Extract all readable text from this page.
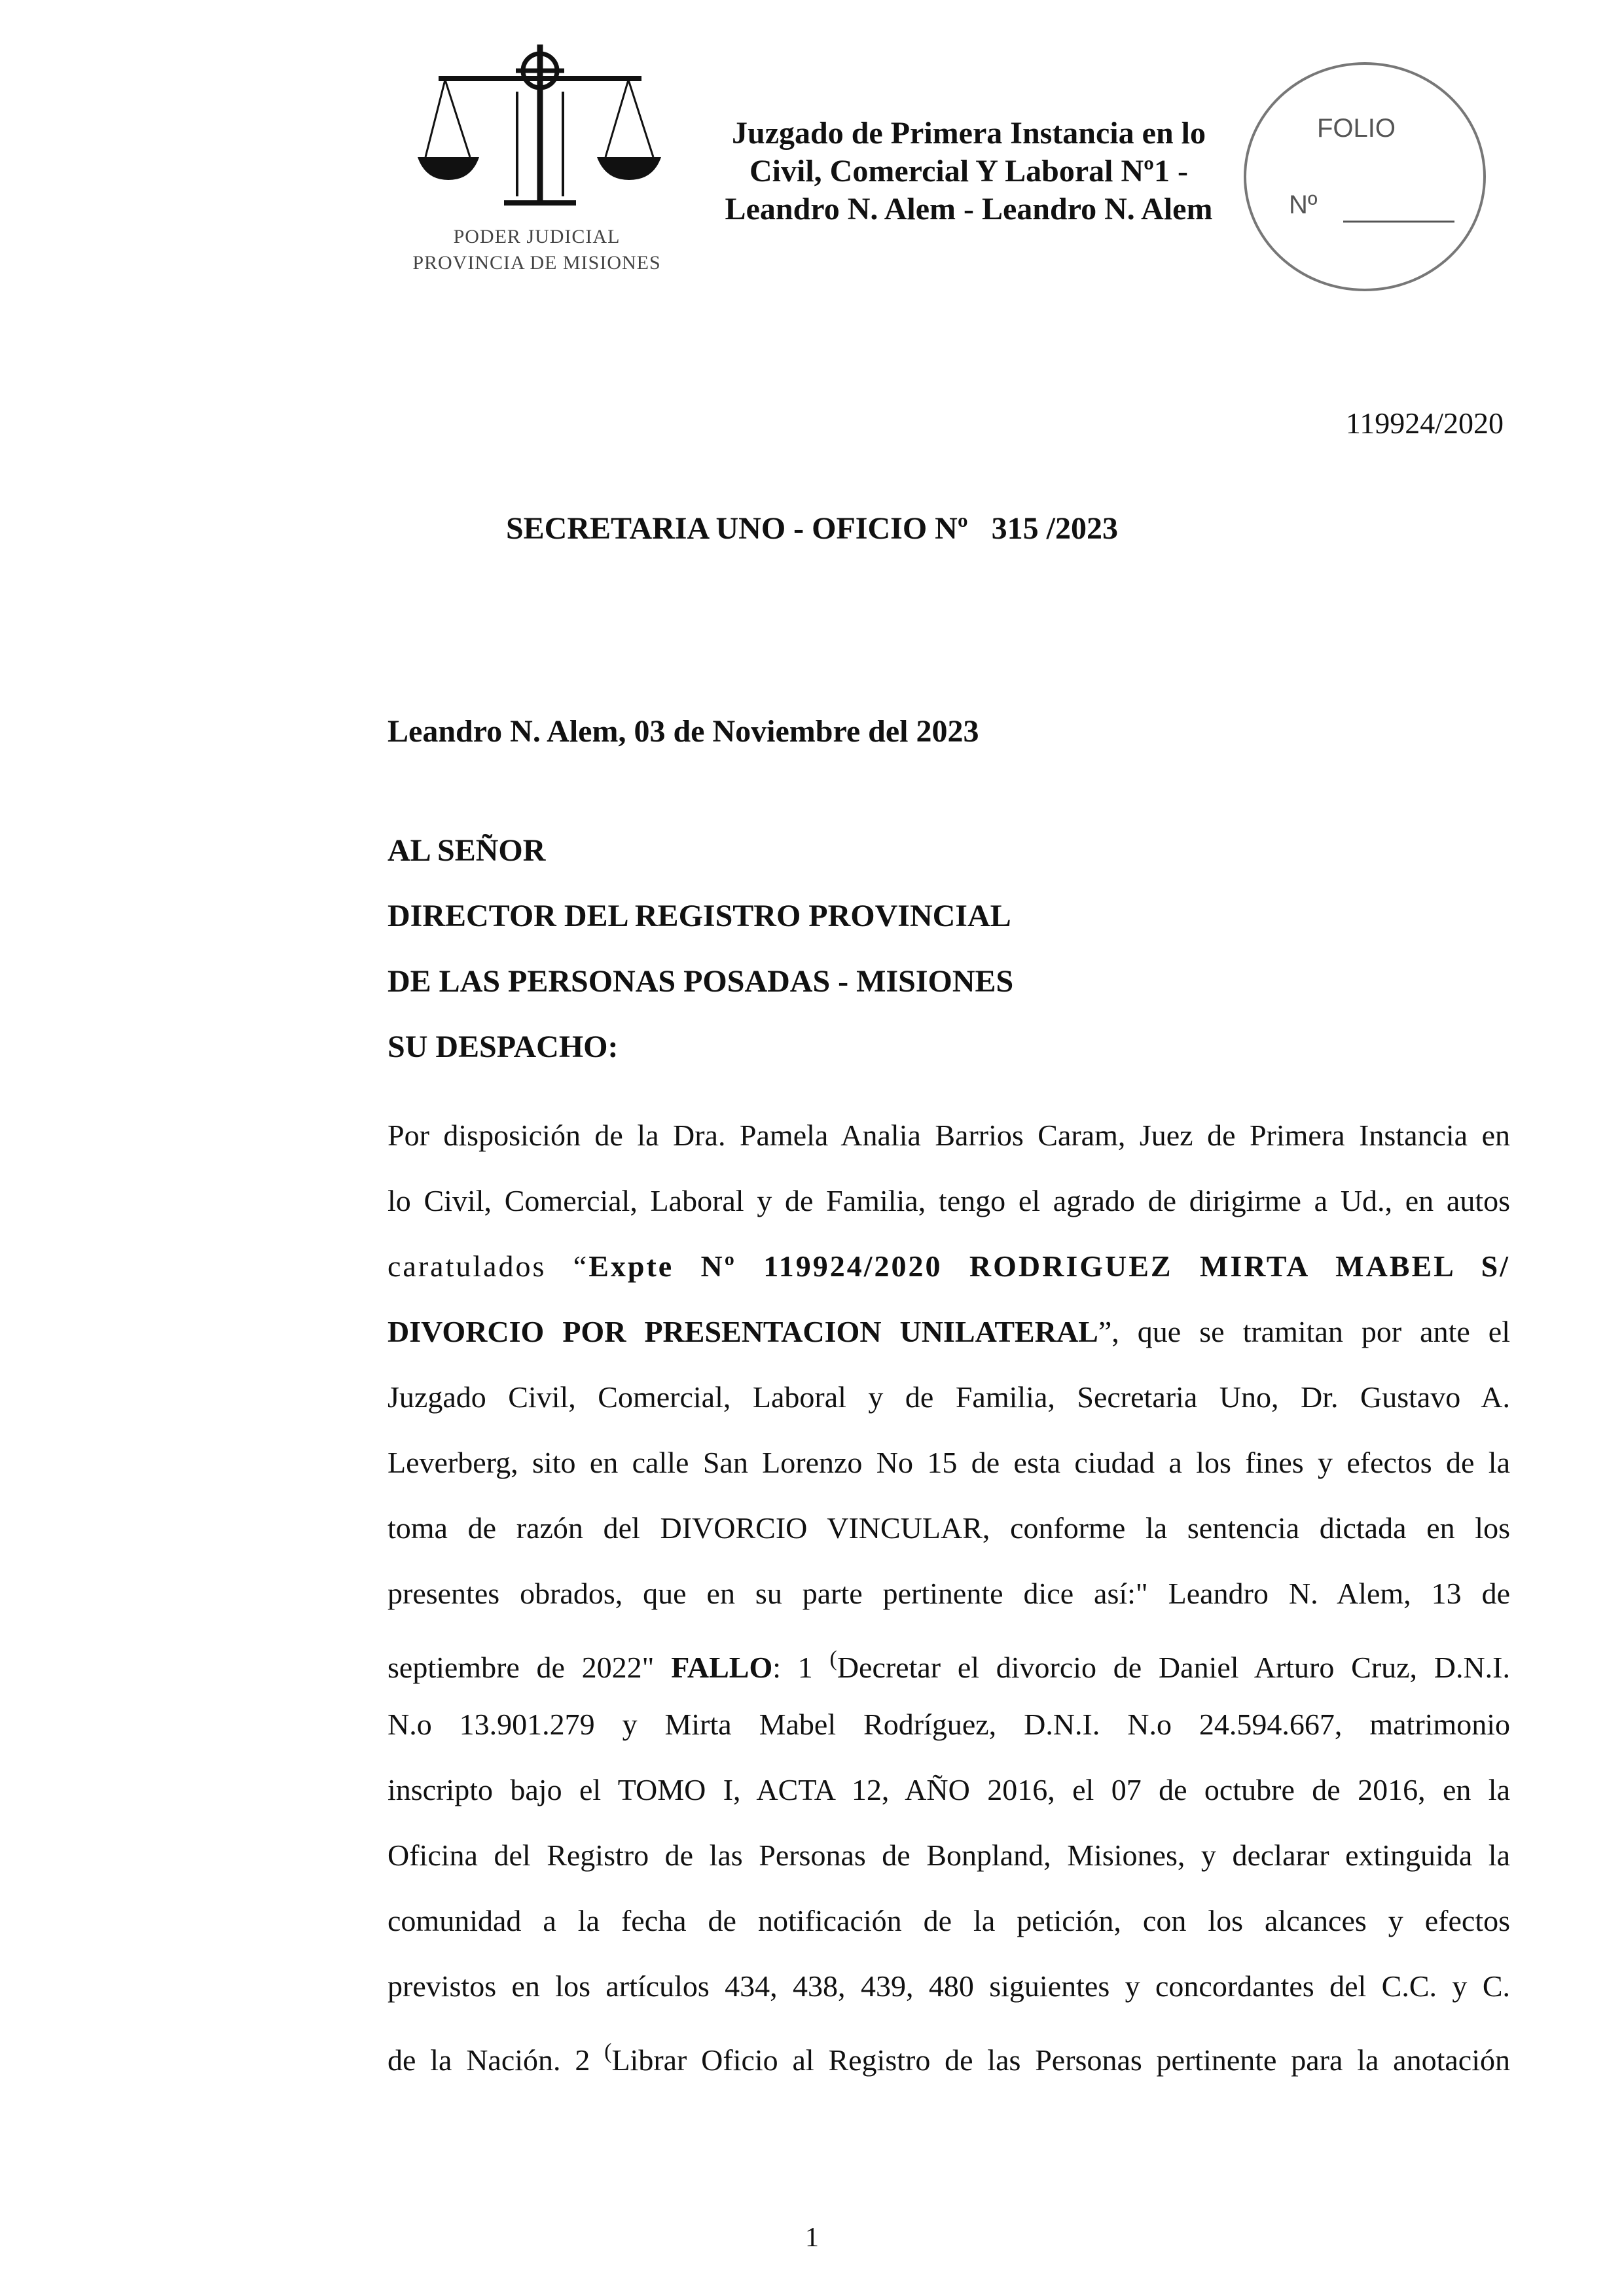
PODER JUDICIAL
PROVINCIA DE MISIONES
Juzgado de Primera Instancia en lo
Civil, Comercial Y Laboral Nº1 -
Leandro N. Alem - Leandro N. Alem
FOLIO
Nº
119924/2020
SECRETARIA UNO - OFICIO Nº   315 /2023
Leandro N. Alem, 03 de Noviembre del 2023
AL SEÑOR
DIRECTOR DEL REGISTRO PROVINCIAL
DE LAS PERSONAS POSADAS - MISIONES
SU DESPACHO:
Por disposición de la Dra. Pamela Analia Barrios Caram, Juez de Primera Instancia en
lo Civil, Comercial, Laboral y de Familia, tengo el agrado de dirigirme a Ud., en autos
caratulados “Expte Nº 119924/2020 RODRIGUEZ MIRTA MABEL S/
DIVORCIO POR PRESENTACION UNILATERAL”, que se tramitan por ante el
Juzgado Civil, Comercial, Laboral y de Familia, Secretaria Uno, Dr. Gustavo A.
Leverberg, sito en calle San Lorenzo No 15 de esta ciudad a los fines y efectos de la
toma de razón del DIVORCIO VINCULAR, conforme la sentencia dictada en los
presentes obrados, que en su parte pertinente dice así:" Leandro N. Alem, 13 de
septiembre de 2022" FALLO: 1 (Decretar el divorcio de Daniel Arturo Cruz, D.N.I.
N.o 13.901.279 y Mirta Mabel Rodríguez, D.N.I. N.o 24.594.667, matrimonio
inscripto bajo el TOMO I, ACTA 12, AÑO 2016, el 07 de octubre de 2016, en la
Oficina del Registro de las Personas de Bonpland, Misiones, y declarar extinguida la
comunidad a la fecha de notificación de la petición, con los alcances y efectos
previstos en los artículos 434, 438, 439, 480 siguientes y concordantes del C.C. y C.
de la Nación. 2 (Librar Oficio al Registro de las Personas pertinente para la anotación
1
